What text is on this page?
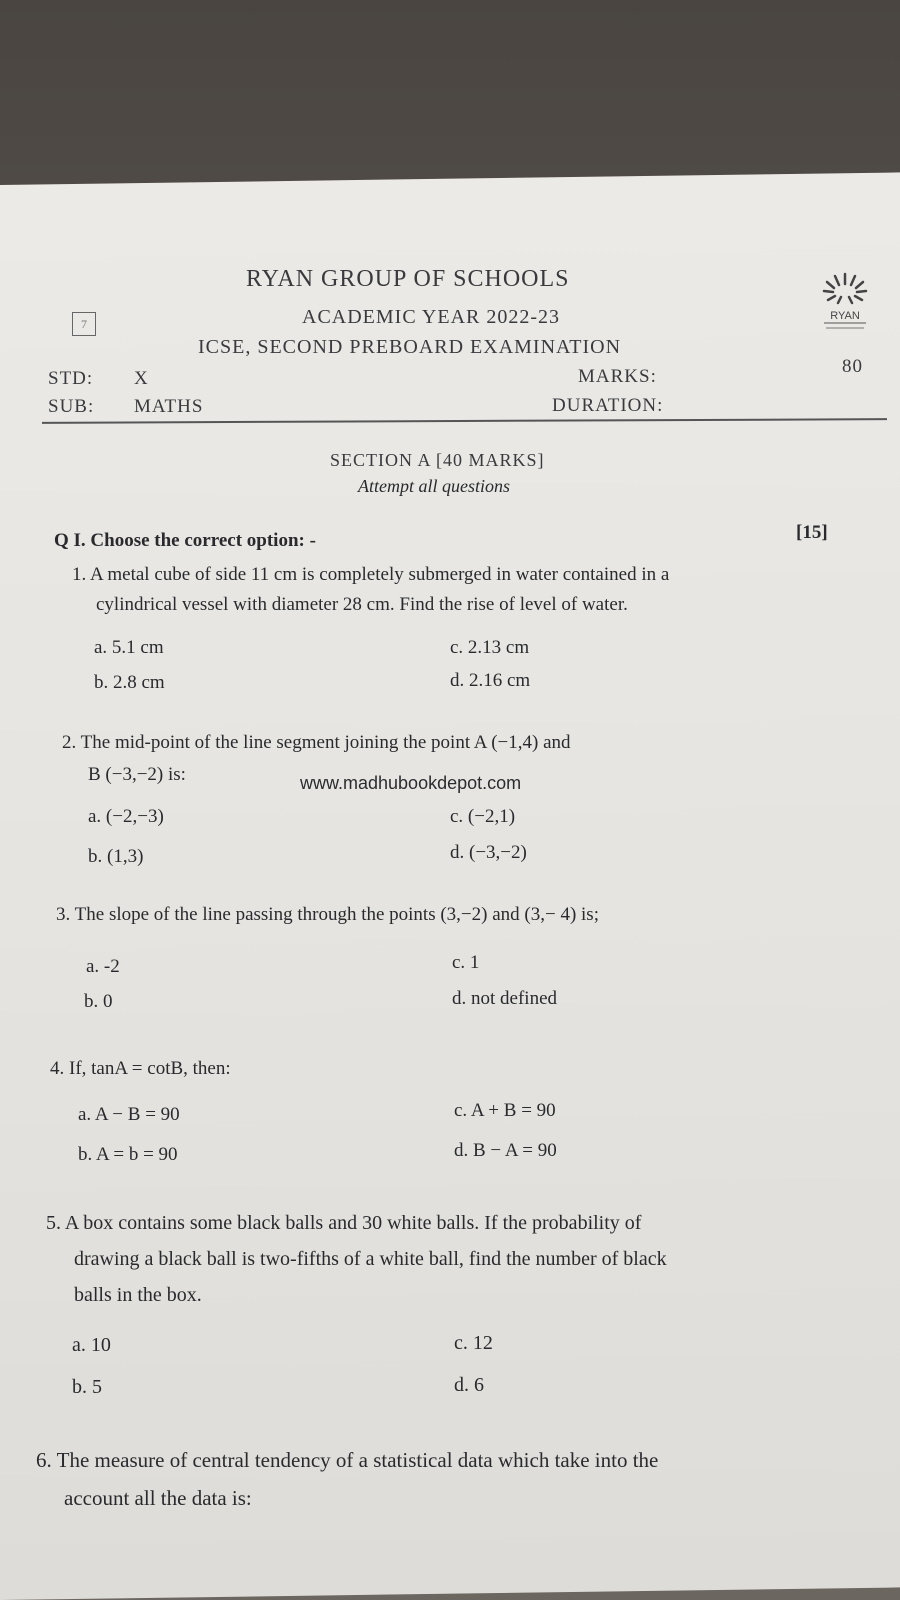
RYAN GROUP OF SCHOOLS
7	ACADEMIC YEAR 2022-23
ICSE, SECOND PREBOARD EXAMINATION
RYAN
STD: X	MARKS:	80
SUB: MATHS	DURATION:
SECTION A [40 MARKS]
Attempt all questions
Q I. Choose the correct option: -	[15]
1. A metal cube of side 11 cm is completely submerged in water contained in a
cylindrical vessel with diameter 28 cm. Find the rise of level of water.
a. 5.1 cm	c. 2.13 cm
b. 2.8 cm	d. 2.16 cm
2. The mid-point of the line segment joining the point A (−1,4) and
B (−3,−2) is:	www.madhubookdepot.com
a. (−2,−3)	c. (−2,1)
b. (1,3)	d. (−3,−2)
3. The slope of the line passing through the points (3,−2) and (3,− 4) is;
a. -2	c. 1
b. 0	d. not defined
4. If, tanA = cotB, then:
a. A − B = 90	c. A + B = 90
b. A = b = 90	d. B − A = 90
5. A box contains some black balls and 30 white balls. If the probability of
drawing a black ball is two-fifths of a white ball, find the number of black
balls in the box.
a. 10	c. 12
b. 5	d. 6
6. The measure of central tendency of a statistical data which take into the
account all the data is:
